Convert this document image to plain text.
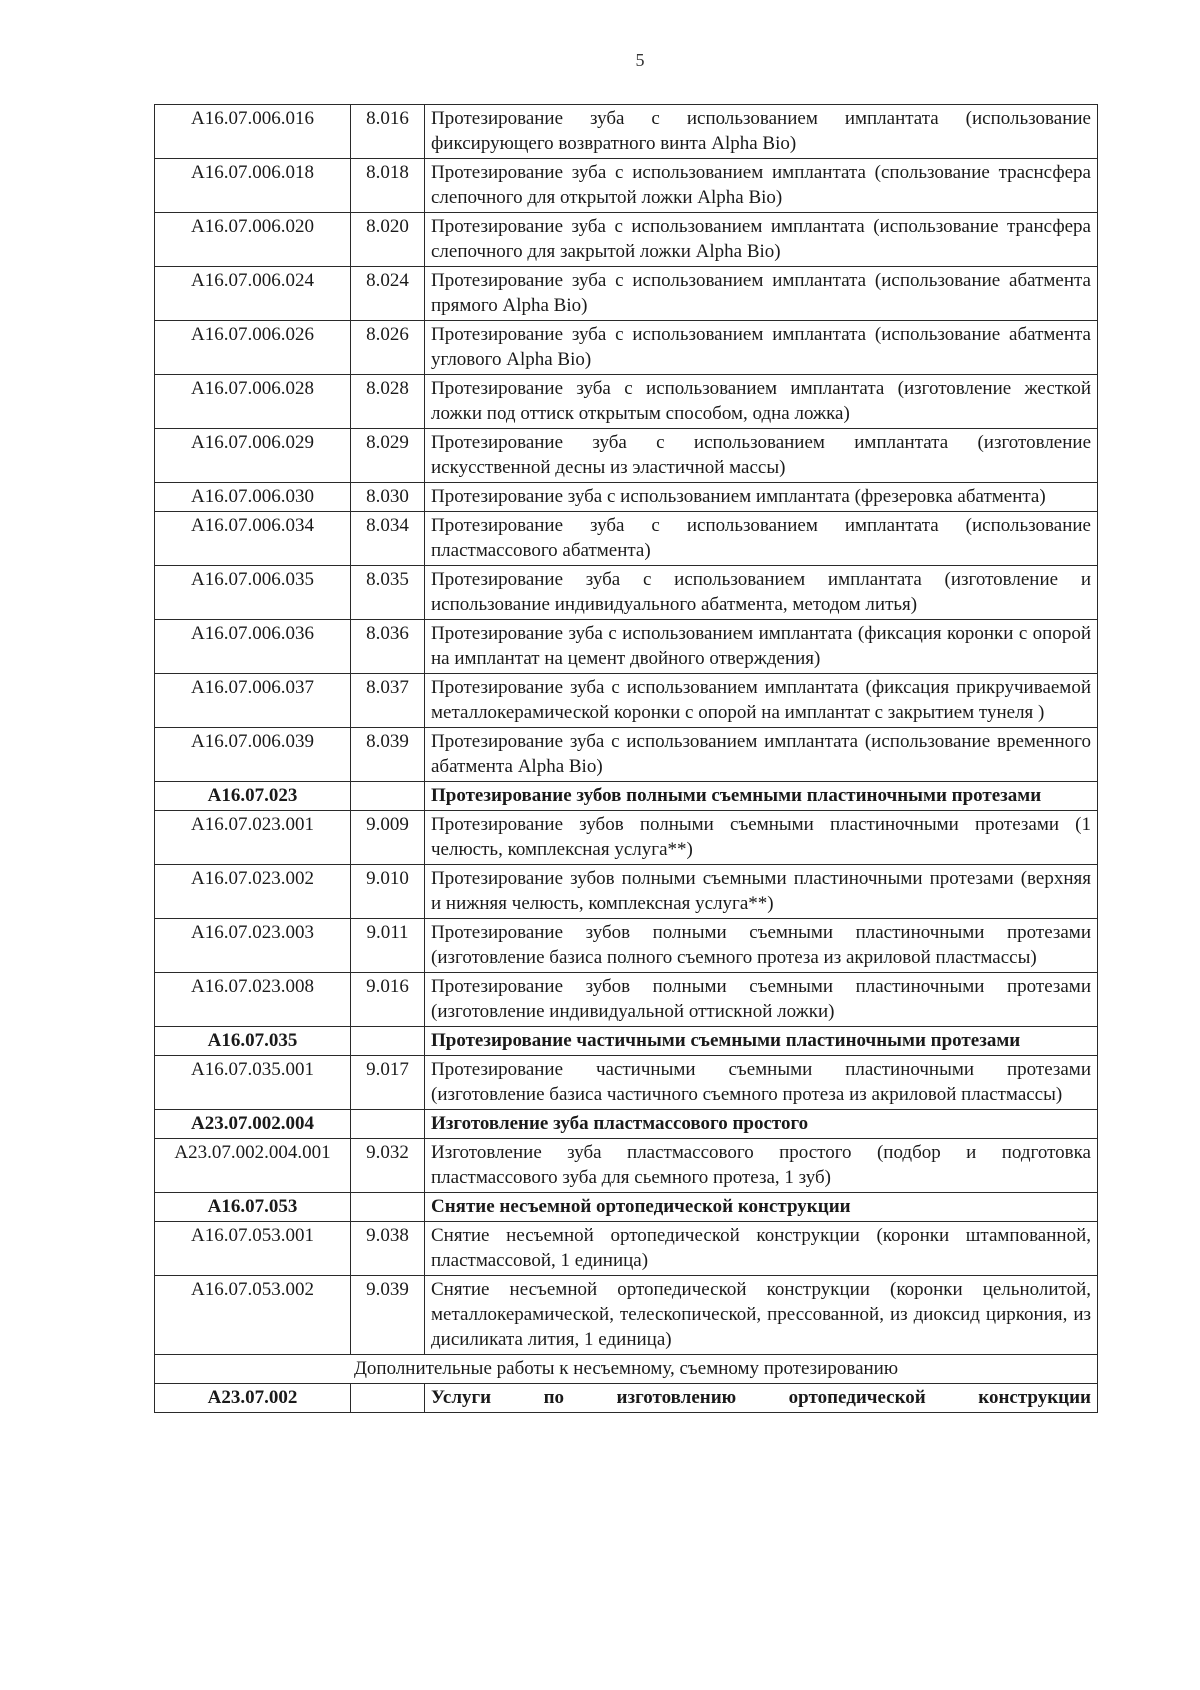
5
А16.07.006.016	8.016	Протезирование зуба с использованием имплантата (использование фиксирующего возвратного винта Alpha Bio)
А16.07.006.018	8.018	Протезирование зуба с использованием имплантата (спользование траснсфера слепочного для открытой ложки Alpha Bio)
А16.07.006.020	8.020	Протезирование зуба с использованием имплантата (использование трансфера слепочного для закрытой ложки Alpha Bio)
А16.07.006.024	8.024	Протезирование зуба с использованием имплантата (использование абатмента прямого Alpha Bio)
А16.07.006.026	8.026	Протезирование зуба с использованием имплантата (использование абатмента углового Alpha Bio)
А16.07.006.028	8.028	Протезирование зуба с использованием имплантата (изготовление жесткой ложки под оттиск открытым способом, одна ложка)
А16.07.006.029	8.029	Протезирование зуба с использованием имплантата (изготовление искусственной десны из эластичной массы)
А16.07.006.030	8.030	Протезирование зуба с использованием имплантата (фрезеровка абатмента)
А16.07.006.034	8.034	Протезирование зуба с использованием имплантата (использование пластмассового абатмента)
А16.07.006.035	8.035	Протезирование зуба с использованием имплантата (изготовление и использование индивидуального абатмента, методом литья)
А16.07.006.036	8.036	Протезирование зуба с использованием имплантата (фиксация коронки с опорой на имплантат на цемент двойного отверждения)
А16.07.006.037	8.037	Протезирование зуба с использованием имплантата (фиксация прикручиваемой металлокерамической коронки с опорой на имплантат с закрытием тунеля )
А16.07.006.039	8.039	Протезирование зуба с использованием имплантата (использование временного абатмента Alpha Bio)
А16.07.023		Протезирование зубов полными съемными пластиночными протезами
А16.07.023.001	9.009	Протезирование зубов полными съемными пластиночными протезами (1 челюсть, комплексная услуга**)
А16.07.023.002	9.010	Протезирование зубов полными съемными пластиночными протезами (верхняя и нижняя челюсть, комплексная услуга**)
А16.07.023.003	9.011	Протезирование зубов полными съемными пластиночными протезами (изготовление базиса полного съемного протеза из акриловой пластмассы)
А16.07.023.008	9.016	Протезирование зубов полными съемными пластиночными протезами (изготовление индивидуальной оттискной ложки)
А16.07.035		Протезирование частичными съемными пластиночными протезами
А16.07.035.001	9.017	Протезирование частичными съемными пластиночными протезами (изготовление базиса частичного съемного протеза из акриловой пластмассы)
А23.07.002.004		Изготовление зуба пластмассового простого
А23.07.002.004.001	9.032	Изготовление зуба пластмассового простого (подбор и подготовка пластмассового зуба для сьемного протеза, 1 зуб)
А16.07.053		Снятие несъемной ортопедической конструкции
А16.07.053.001	9.038	Снятие несъемной ортопедической конструкции (коронки штампованной, пластмассовой, 1 единица)
А16.07.053.002	9.039	Снятие несъемной ортопедической конструкции (коронки цельнолитой, металлокерамической, телескопической, прессованной, из диоксид циркония, из дисиликата лития, 1 единица)
Дополнительные работы к несъемному, съемному протезированию		
А23.07.002		Услуги по изготовлению ортопедической конструкции
